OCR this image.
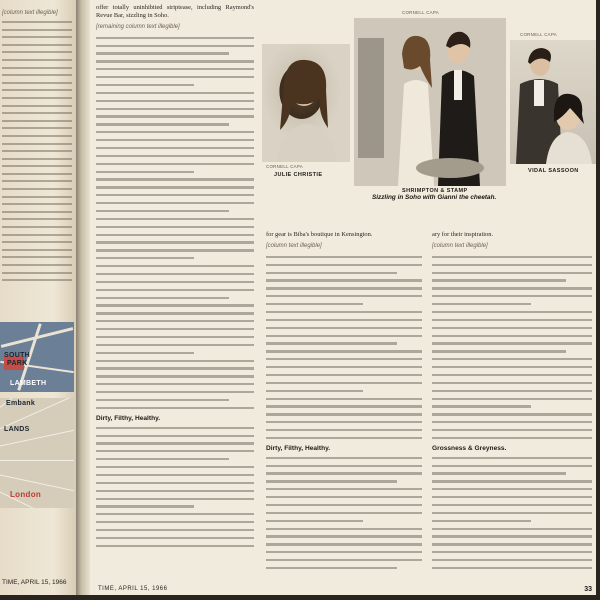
[column text illegible]
SOUTH
PARK
LAMBETH
Embank
LANDS
London
TIME, APRIL 15, 1966
offer totally uninhibited striptease, including Raymond's Revue Bar, sizzling in Soho.
[remaining column text illegible]
Dirty, Filthy, Healthy.
CORNELL CAPA
JULIE CHRISTIE
CORNELL CAPA
SHRIMPTON & STAMP
Sizzling in Soho with Gianni the cheetah.
CORNELL CAPA
VIDAL SASSOON
for gear is Biba's boutique in Kensington.
[column text illegible]
Dirty, Filthy, Healthy.
ary for their inspiration.
[column text illegible]
Grossness & Greyness.
TIME, APRIL 15, 1966	33
